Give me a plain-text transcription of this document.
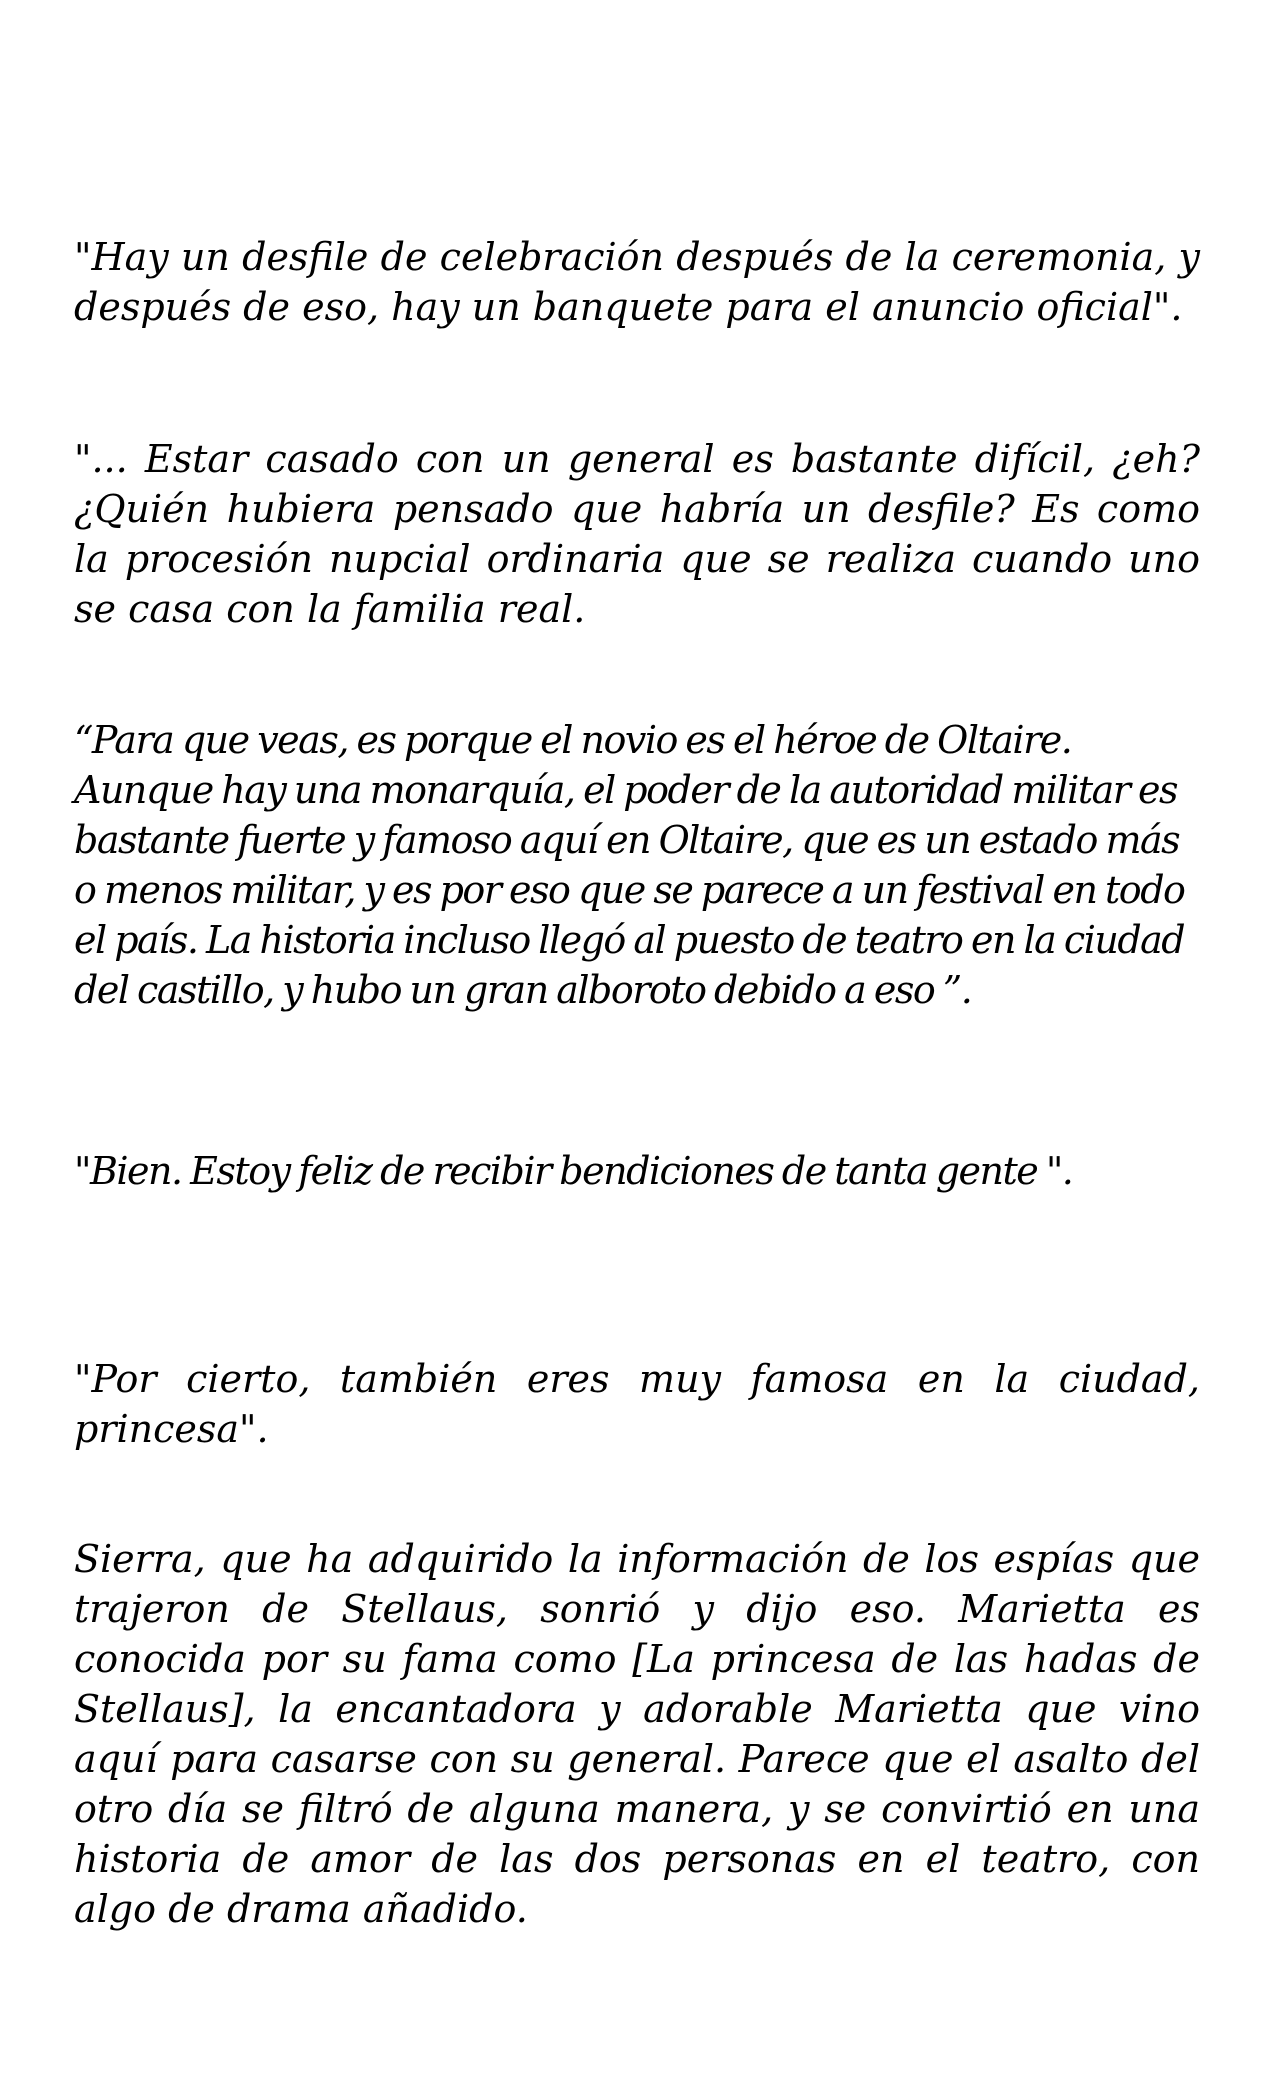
"Hay un desfile de celebración después de la ceremonia, y después de eso, hay un banquete para el anuncio oficial".

"... Estar casado con un general es bastante difícil, ¿eh? ¿Quién hubiera pensado que habría un desfile? Es como la procesión nupcial ordinaria que se realiza cuando uno se casa con la familia real.

“Para que veas, es porque el novio es el héroe de Oltaire. Aunque hay una monarquía, el poder de la autoridad militar es bastante fuerte y famoso aquí en Oltaire, que es un estado más o menos militar, y es por eso que se parece a un festival en todo el país. La historia incluso llegó al puesto de teatro en la ciudad del castillo, y hubo un gran alboroto debido a eso ”.

"Bien. Estoy feliz de recibir bendiciones de tanta gente ".

"Por cierto, también eres muy famosa en la ciudad, princesa".

Sierra, que ha adquirido la información de los espías que trajeron de Stellaus, sonrió y dijo eso. Marietta es conocida por su fama como [La princesa de las hadas de Stellaus], la encantadora y adorable Marietta que vino aquí para casarse con su general. Parece que el asalto del otro día se filtró de alguna manera, y se convirtió en una historia de amor de las dos personas en el teatro, con algo de drama añadido.
